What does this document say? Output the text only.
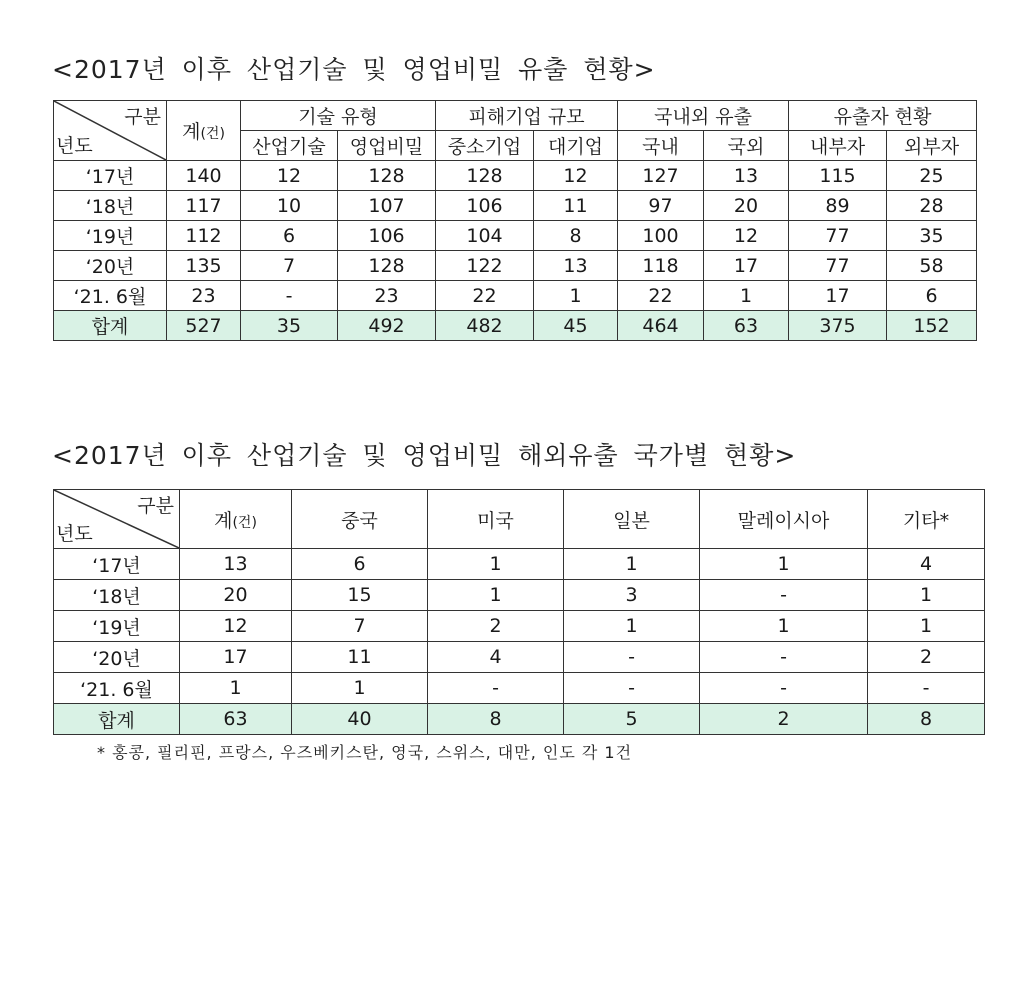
<2017년 이후 산업기술 및 영업비밀 유출 현황>
구분
년도	계(건)	기술 유형		피해기업 규모		국내외 유출		유출자 현황	
		산업기술	영업비밀	중소기업	대기업	국내	국외	내부자	외부자
‘17년	140	12	128	128	12	127	13	115	25
‘18년	117	10	107	106	11	97	20	89	28
‘19년	112	6	106	104	8	100	12	77	35
‘20년	135	7	128	122	13	118	17	77	58
‘21. 6월	23	-	23	22	1	22	1	17	6
합계	527	35	492	482	45	464	63	375	152
<2017년 이후 산업기술 및 영업비밀 해외유출 국가별 현황>
구분
년도	계(건)	중국	미국	일본	말레이시아	기타*
‘17년	13	6	1	1	1	4
‘18년	20	15	1	3	-	1
‘19년	12	7	2	1	1	1
‘20년	17	11	4	-	-	2
‘21. 6월	1	1	-	-	-	-
합계	63	40	8	5	2	8
* 홍콩, 필리핀, 프랑스, 우즈베키스탄, 영국, 스위스, 대만, 인도 각 1건
